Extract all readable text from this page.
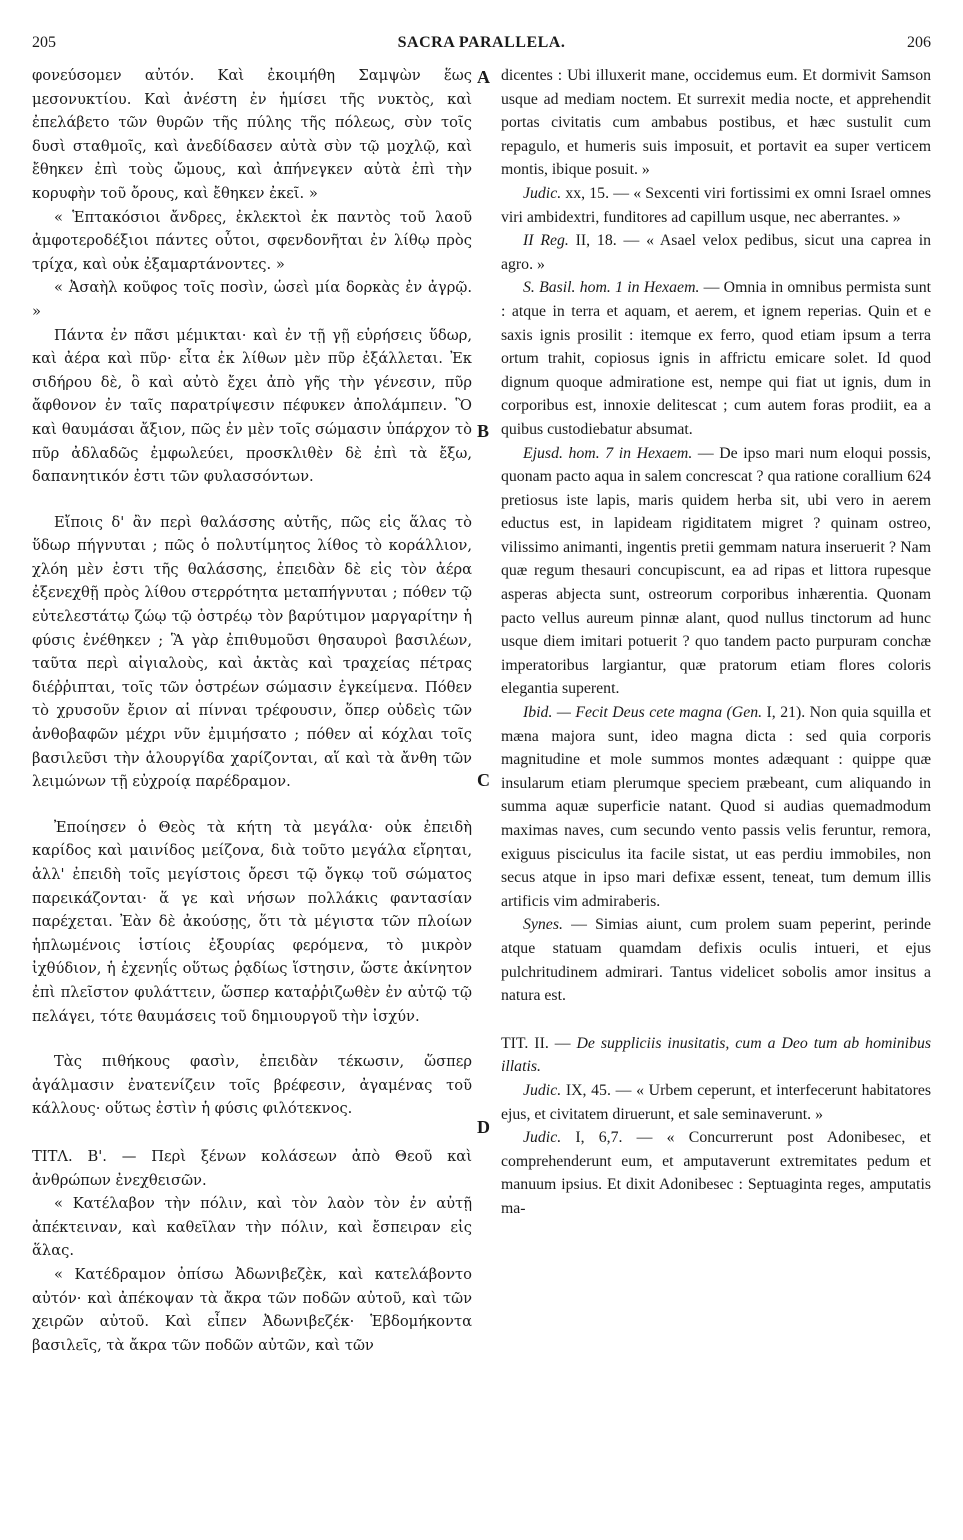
205	SACRA PARALLELA.	206

φονεύσομεν αὐτόν. Καὶ ἐκοιμήθη Σαμψὼν ἕως μεσονυκτίου. Καὶ ἀνέστη ἐν ἡμίσει τῆς νυκτὸς, καὶ ἐπελάβετο τῶν θυρῶν τῆς πύλης τῆς πόλεως, σὺν τοῖς δυσὶ σταθμοῖς, καὶ ἀνεδίδασεν αὐτὰ σὺν τῷ μοχλῷ, καὶ ἔθηκεν ἐπὶ τοὺς ὤμους, καὶ ἀπήνεγκεν αὐτὰ ἐπὶ τὴν κορυφὴν τοῦ ὄρους, καὶ ἔθηκεν ἐκεῖ. »

« Ἑπτακόσιοι ἄνδρες, ἐκλεκτοὶ ἐκ παντὸς τοῦ λαοῦ ἀμφοτεροδέξιοι πάντες οὗτοι, σφενδονῆται ἐν λίθῳ πρὸς τρίχα, καὶ οὐκ ἐξαμαρτάνοντες. »

« Ἀσαὴλ κοῦφος τοῖς ποσὶν, ὡσεὶ μία δορκὰς ἐν ἀγρῷ. »

Πάντα ἐν πᾶσι μέμικται· καὶ ἐν τῇ γῇ εὑρήσεις ὕδωρ, καὶ ἀέρα καὶ πῦρ· εἶτα ἐκ λίθων μὲν πῦρ ἐξάλλεται. Ἐκ σιδήρου δὲ, ὃ καὶ αὐτὸ ἔχει ἀπὸ γῆς τὴν γένεσιν, πῦρ ἄφθονον ἐν ταῖς παρατρίψεσιν πέφυκεν ἀπολάμπειν. Ὃ καὶ θαυμάσαι ἄξιον, πῶς ἐν μὲν τοῖς σώμασιν ὑπάρχον τὸ πῦρ ἀδλαδῶς ἐμφωλεύει, προσκλιθὲν δὲ ἐπὶ τὰ ἔξω, δαπανητικόν ἐστι τῶν φυλασσόντων.

Εἴποις δ' ἂν περὶ θαλάσσης αὐτῆς, πῶς εἰς ἅλας τὸ ὕδωρ πήγνυται ; πῶς ὁ πολυτίμητος λίθος τὸ κοράλλιον, χλόη μὲν ἐστι τῆς θαλάσσης, ἐπειδὰν δὲ εἰς τὸν ἀέρα ἐξενεχθῇ πρὸς λίθου στερρότητα μεταπήγνυται ; πόθεν τῷ εὐτελεστάτῳ ζώῳ τῷ ὀστρέῳ τὸν βαρύτιμον μαργαρίτην ἡ φύσις ἐνέθηκεν ; Ἃ γὰρ ἐπιθυμοῦσι θησαυροὶ βασιλέων, ταῦτα περὶ αἰγιαλοὺς, καὶ ἀκτὰς καὶ τραχείας πέτρας διέῤῥιπται, τοῖς τῶν ὀστρέων σώμασιν ἐγκείμενα. Πόθεν τὸ χρυσοῦν ἔριον αἱ πίνναι τρέφουσιν, ὅπερ οὐδεὶς τῶν ἀνθοβαφῶν μέχρι νῦν ἐμιμήσατο ; πόθεν αἱ κόχλαι τοῖς βασιλεῦσι τὴν ἁλουργίδα χαρίζονται, αἵ καὶ τὰ ἄνθη τῶν λειμώνων τῇ εὐχροίᾳ παρέδραμον.

Ἐποίησεν ὁ Θεὸς τὰ κήτη τὰ μεγάλα· οὐκ ἐπειδὴ καρίδος καὶ μαινίδος μείζονα, διὰ τοῦτο μεγάλα εἴρηται, ἀλλ' ἐπειδὴ τοῖς μεγίστοις ὄρεσι τῷ ὄγκῳ τοῦ σώματος παρεικάζονται· ἅ γε καὶ νήσων πολλάκις φαντασίαν παρέχεται. Ἐὰν δὲ ἀκούσῃς, ὅτι τὰ μέγιστα τῶν πλοίων ἡπλωμένοις ἱστίοις ἐξουρίας φερόμενα, τὸ μικρὸν ἰχθύδιον, ἡ ἐχενηΐς οὕτως ῥᾳδίως ἵστησιν, ὥστε ἀκίνητον ἐπὶ πλεῖστον φυλάττειν, ὥσπερ καταῤῥιζωθὲν ἐν αὐτῷ τῷ πελάγει, τότε θαυμάσεις τοῦ δημιουργοῦ τὴν ἰσχύν.

Τὰς πιθήκους φασὶν, ἐπειδὰν τέκωσιν, ὥσπερ ἀγάλμασιν ἐνατενίζειν τοῖς βρέφεσιν, ἀγαμένας τοῦ κάλλους· οὕτως ἐστὶν ἡ φύσις φιλότεκνος.

ΤΙΤΛ. Β'. — Περὶ ξένων κολάσεων ἀπὸ Θεοῦ καὶ ἀνθρώπων ἐνεχθεισῶν.

« Κατέλαβον τὴν πόλιν, καὶ τὸν λαὸν τὸν ἐν αὐτῇ ἀπέκτειναν, καὶ καθεῖλαν τὴν πόλιν, καὶ ἔσπειραν εἰς ἅλας.

« Κατέδραμον ὀπίσω Ἀδωνιβεζὲκ, καὶ κατελάβοντο αὐτόν· καὶ ἀπέκοψαν τὰ ἄκρα τῶν ποδῶν αὐτοῦ, καὶ τῶν χειρῶν αὐτοῦ. Καὶ εἶπεν Ἀδωνιβεζέκ· Ἑβδομήκοντα βασιλεῖς, τὰ ἄκρα τῶν ποδῶν αὐτῶν, καὶ τῶν

A
B
C
D

dicentes : Ubi illuxerit mane, occidemus eum. Et dormivit Samson usque ad mediam noctem. Et surrexit media nocte, et apprehendit portas civitatis cum ambabus postibus, et hæc sustulit cum repagulo, et humeris suis imposuit, et portavit ea super verticem montis, ibique posuit. »

Judic. xx, 15. — « Sexcenti viri fortissimi ex omni Israel omnes viri ambidextri, funditores ad capillum usque, nec aberrantes. »

II Reg. II, 18. — « Asael velox pedibus, sicut una caprea in agro. »

S. Basil. hom. 1 in Hexaem. — Omnia in omnibus permista sunt : atque in terra et aquam, et aerem, et ignem reperias. Quin et e saxis ignis prosilit : itemque ex ferro, quod etiam ipsum a terra ortum trahit, copiosus ignis in affrictu emicare solet. Id quod dignum quoque admiratione est, nempe qui fiat ut ignis, dum in corporibus est, innoxie delitescat ; cum autem foras prodiit, ea a quibus custodiebatur absumat.

Ejusd. hom. 7 in Hexaem. — De ipso mari num eloqui possis, quonam pacto aqua in salem concrescat ? qua ratione corallium 624 pretiosus iste lapis, maris quidem herba sit, ubi vero in aerem eductus est, in lapideam rigiditatem migret ? quinam ostreo, vilissimo animanti, ingentis pretii gemmam natura inseruerit ? Nam quæ regum thesauri concupiscunt, ea ad ripas et littora rupesque asperas abjecta sunt, ostreorum corporibus inhærentia. Quonam pacto vellus aureum pinnæ alant, quod nullus tinctorum ad hunc usque diem imitari potuerit ? quo tandem pacto purpuram conchæ imperatoribus largiantur, quæ pratorum etiam flores coloris elegantia superent.

Ibid. — Fecit Deus cete magna (Gen. I, 21). Non quia squilla et mæna majora sunt, ideo magna dicta : sed quia corporis magnitudine et mole summos montes adæquant : quippe quæ insularum etiam plerumque speciem præbeant, cum aliquando in summa aquæ superficie natant. Quod si audias quemadmodum maximas naves, cum secundo vento passis velis feruntur, remora, exiguus pisciculus ita facile sistat, ut eas perdiu immobiles, non secus atque in ipso mari defixæ essent, teneat, tum demum illis artificis vim admiraberis.

Synes. — Simias aiunt, cum prolem suam peperint, perinde atque statuam quamdam defixis oculis intueri, et ejus pulchritudinem admirari. Tantus videlicet sobolis amor insitus a natura est.

TIT. II. — De suppliciis inusitatis, cum a Deo tum ab hominibus illatis.

Judic. IX, 45. — « Urbem ceperunt, et interfecerunt habitatores ejus, et civitatem diruerunt, et sale seminaverunt. »

Judic. I, 6,7. — « Concurrerunt post Adonibesec, et comprehenderunt eum, et amputaverunt extremitates pedum et manuum ipsius. Et dixit Adonibesec : Septuaginta reges, amputatis ma-
